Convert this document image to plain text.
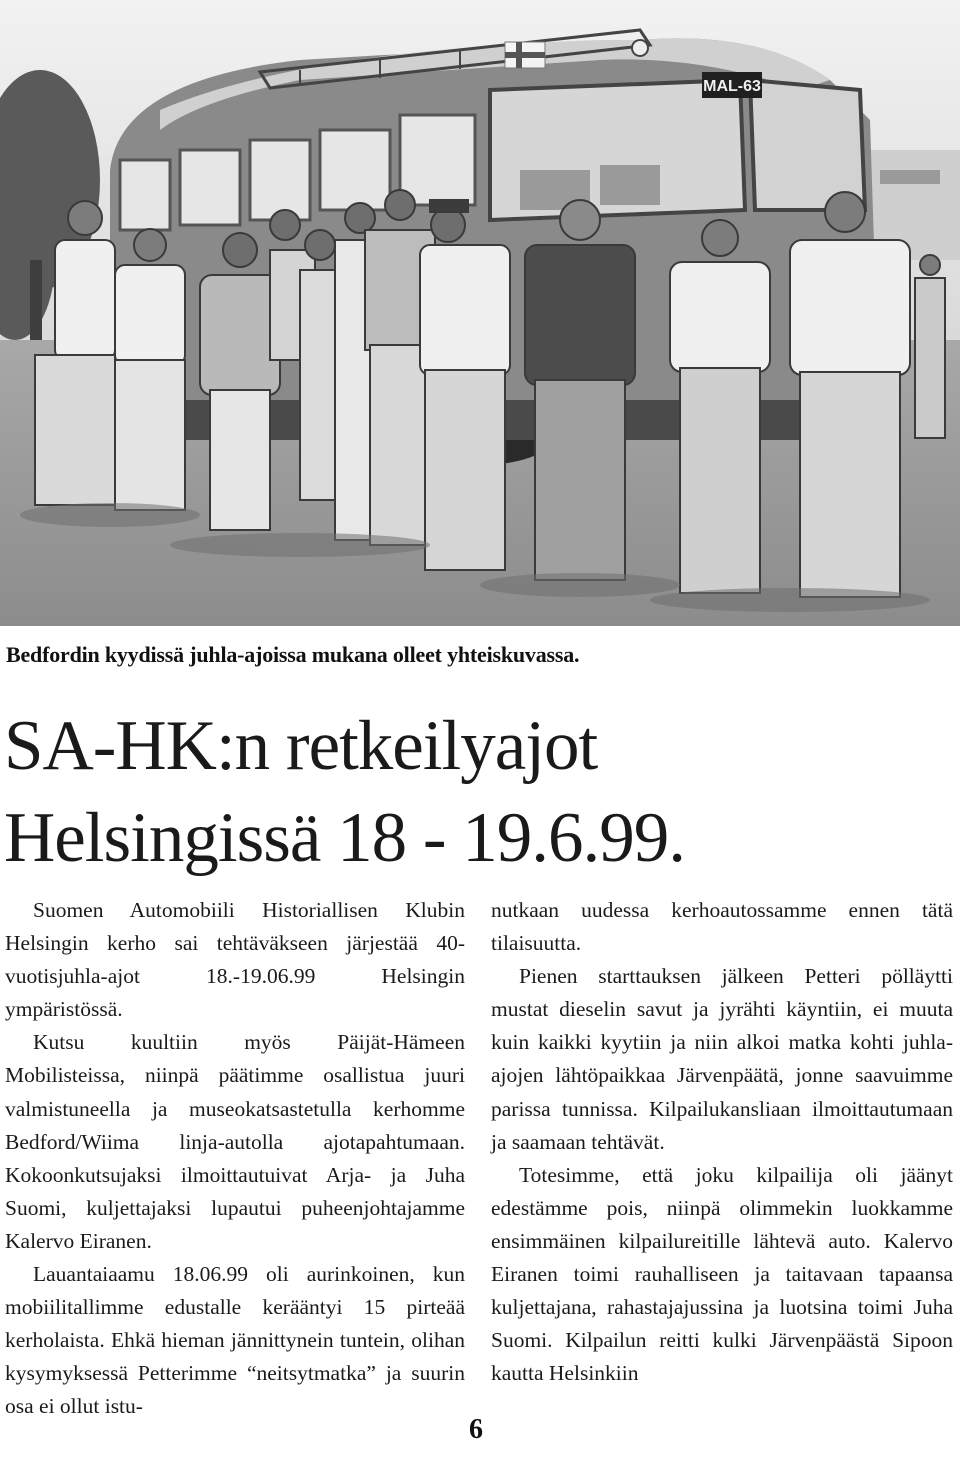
MAL-63
Bedfordin kyydissä juhla-ajoissa mukana olleet yhteiskuvassa.
SA-HK:n retkeilyajot
Helsingissä 18 - 19.6.99.

Suomen Automobiili Historiallisen Klubin Helsingin kerho sai tehtäväkseen järjestää 40-vuotisjuhla-ajot 18.-19.06.99 Helsingin ympäristössä.

Kutsu kuultiin myös Päijät-Hämeen Mobilisteissa, niinpä päätimme osallistua juuri valmistuneella ja museokatsastetulla kerhomme Bedford/Wiima linja-autolla ajotapahtumaan. Kokoonkutsujaksi ilmoittautuivat Arja- ja Juha Suomi, kuljettajaksi lupautui puheenjohtajamme Kalervo Eiranen.

Lauantaiaamu 18.06.99 oli aurinkoinen, kun mobiilitallimme edustalle kerääntyi 15 pirteää kerholaista. Ehkä hieman jännittynein tuntein, olihan kysymyksessä Petterimme “neitsytmatka” ja suurin osa ei ollut istu-

nutkaan uudessa kerhoautossamme ennen tätä tilaisuutta.

Pienen starttauksen jälkeen Petteri pölläytti mustat dieselin savut ja jyrähti käyntiin, ei muuta kuin kaikki kyytiin ja niin alkoi matka kohti juhla-ajojen lähtöpaikkaa Järvenpäätä, jonne saavuimme parissa tunnissa. Kilpailukansliaan ilmoittautumaan ja saamaan tehtävät.

Totesimme, että joku kilpailija oli jäänyt edestämme pois, niinpä olimmekin luokkamme ensimmäinen kilpailureitille lähtevä auto. Kalervo Eiranen toimi rauhalliseen ja taitavaan tapaansa kuljettajana, rahastajajussina ja luotsina toimi Juha Suomi. Kilpailun reitti kulki Järvenpäästä Sipoon kautta Helsinkiin

6
